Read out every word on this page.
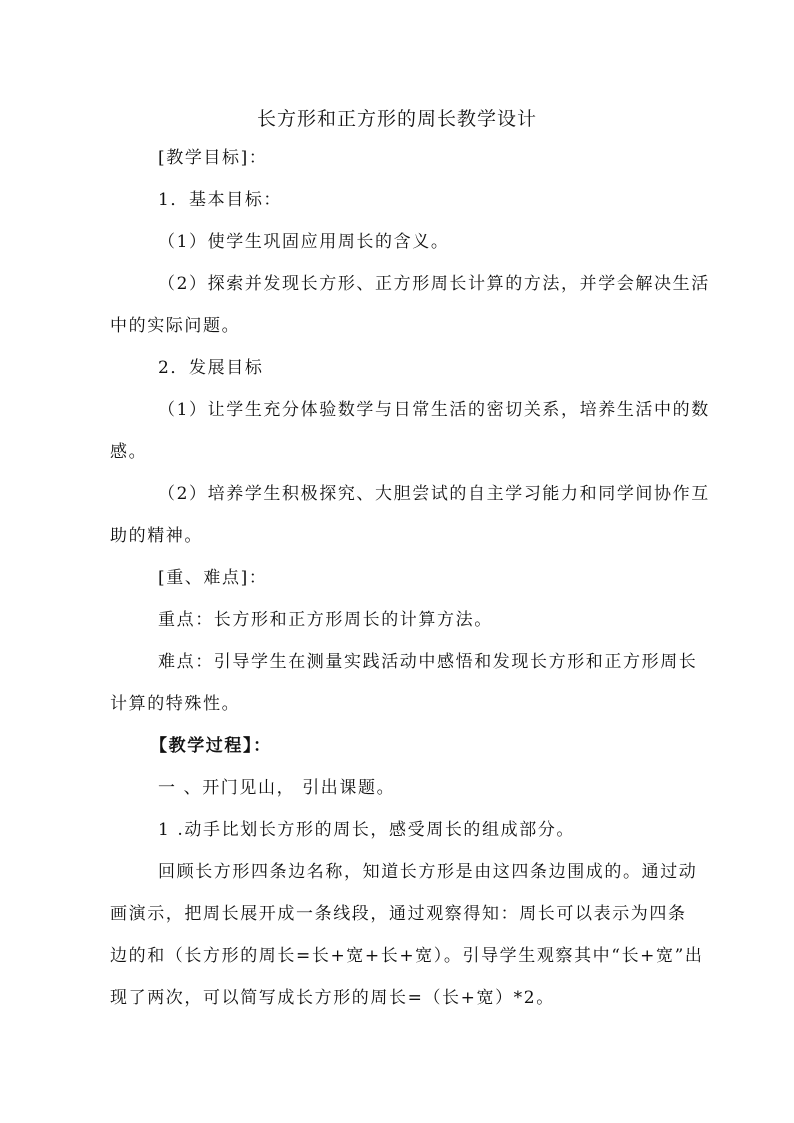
长方形和正方形的周长教学设计
[教学目标]：
1．基本目标：
（1）使学生巩固应用周长的含义。
（2）探索并发现长方形、正方形周长计算的方法，并学会解决生活
中的实际问题。
2．发展目标
（1）让学生充分体验数学与日常生活的密切关系，培养生活中的数
感。
（2）培养学生积极探究、大胆尝试的自主学习能力和同学间协作互
助的精神。
[重、难点]：
重点：长方形和正方形周长的计算方法。
难点：引导学生在测量实践活动中感悟和发现长方形和正方形周长
计算的特殊性。
【教学过程】：
一 、开门见山， 引出课题。
1 .动手比划长方形的周长，感受周长的组成部分。
回顾长方形四条边名称，知道长方形是由这四条边围成的。通过动
画演示，把周长展开成一条线段，通过观察得知：周长可以表示为四条
边的和（长方形的周长=长+宽+长+宽）。引导学生观察其中“长+宽”出
现了两次，可以简写成长方形的周长=（长+宽）*2。
